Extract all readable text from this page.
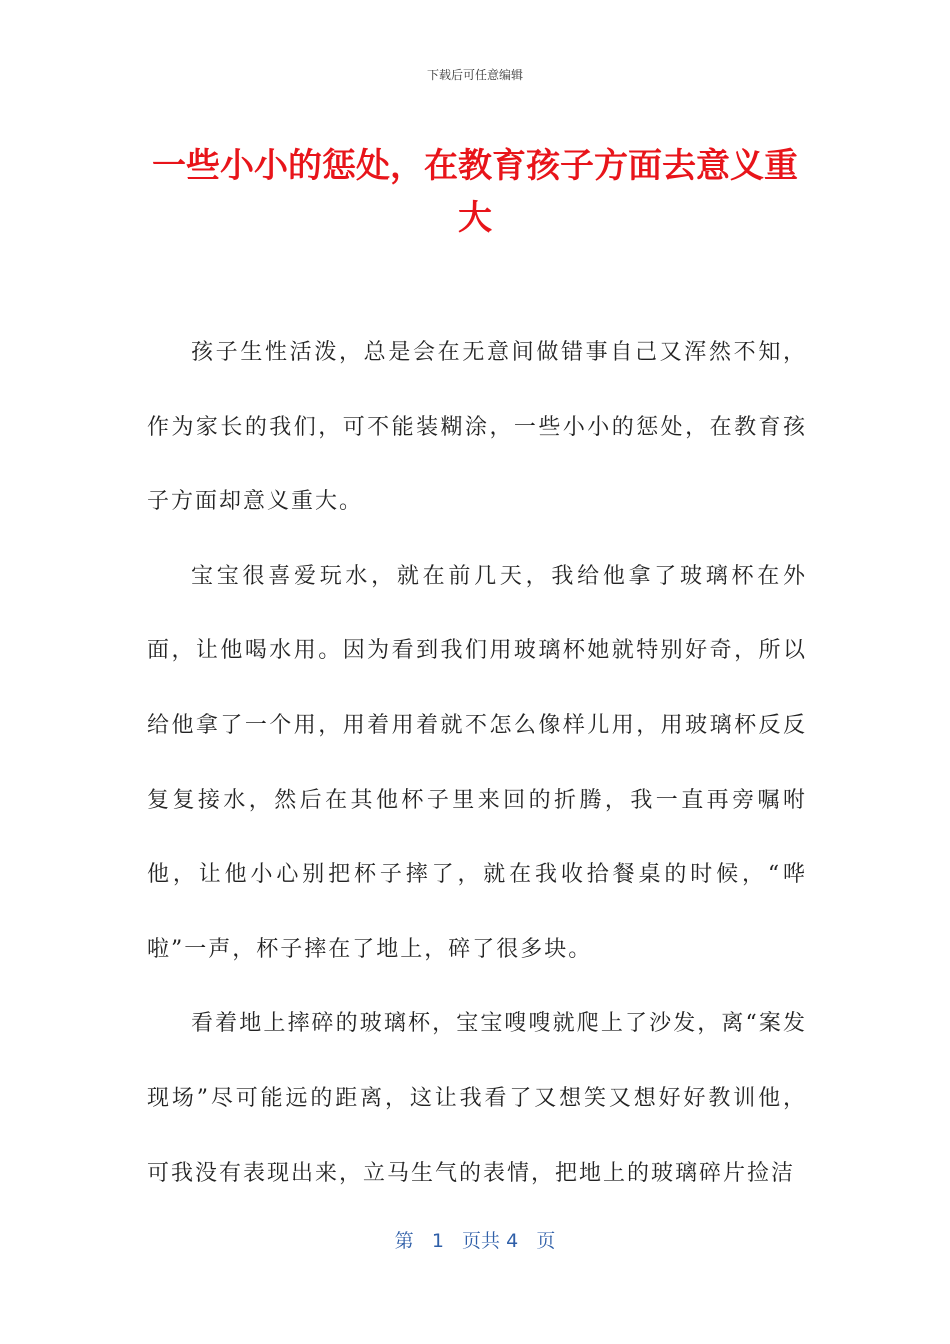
下载后可任意编辑
一些小小的惩处，在教育孩子方面去意义重大

孩子生性活泼，总是会在无意间做错事自己又浑然不知，作为家长的我们，可不能装糊涂，一些小小的惩处，在教育孩子方面却意义重大。

宝宝很喜爱玩水，就在前几天，我给他拿了玻璃杯在外面，让他喝水用。因为看到我们用玻璃杯她就特别好奇，所以给他拿了一个用，用着用着就不怎么像样儿用，用玻璃杯反反复复接水，然后在其他杯子里来回的折腾，我一直再旁嘱咐他，让他小心别把杯子摔了，就在我收拾餐桌的时候，“哗啦”一声，杯子摔在了地上，碎了很多块。

看着地上摔碎的玻璃杯，宝宝嗖嗖就爬上了沙发，离“案发现场”尽可能远的距离，这让我看了又想笑又想好好教训他，可我没有表现出来，立马生气的表情，把地上的玻璃碎片捡洁

第 1 页共 4 页
